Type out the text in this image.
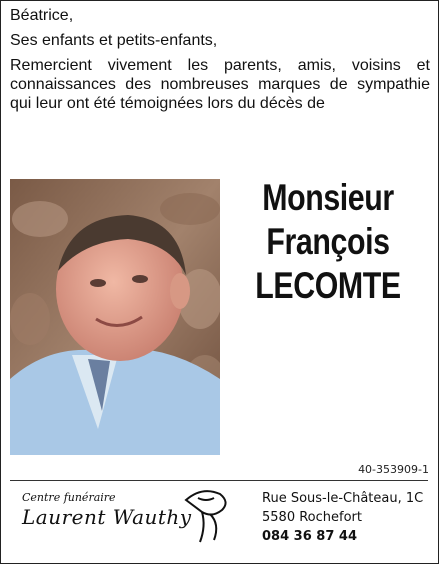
Béatrice,

Ses enfants et petits-enfants,

Remercient vivement les parents, amis, voisins et connaissances des nombreuses marques de sympathie qui leur ont été témoignées lors du décès de

Monsieur
François
LECOMTE
40-353909-1
Centre funéraire
Laurent Wauthy
Rue Sous-le-Château, 1C
5580 Rochefort
084 36 87 44
